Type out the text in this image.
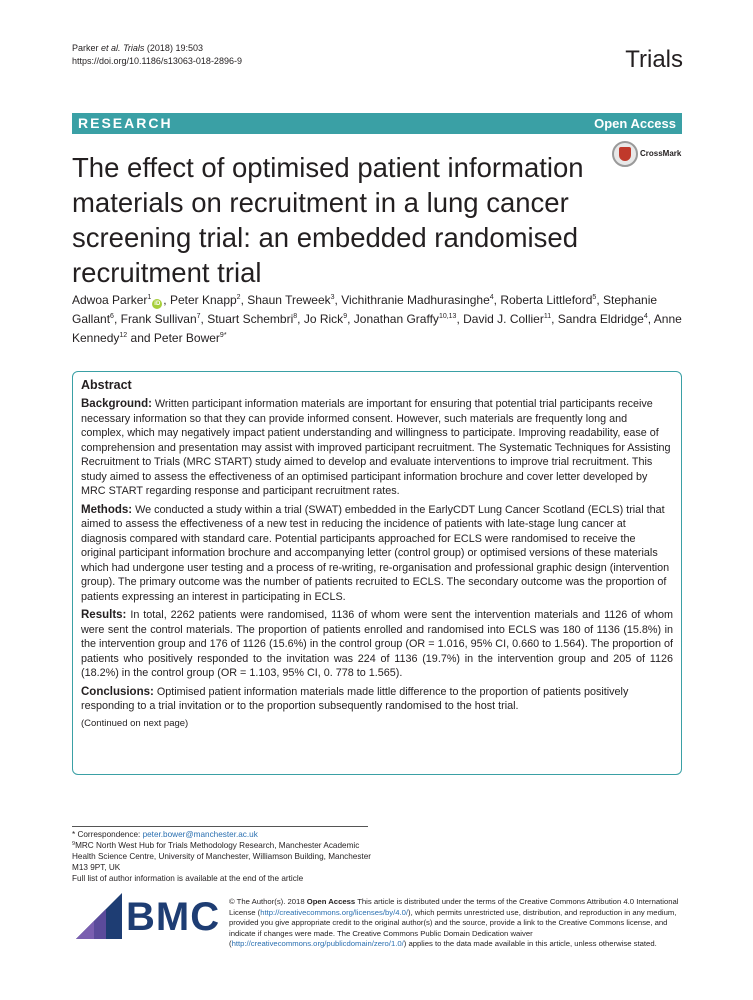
Parker et al. Trials (2018) 19:503
https://doi.org/10.1186/s13063-018-2896-9	Trials
RESEARCH	Open Access
The effect of optimised patient information materials on recruitment in a lung cancer screening trial: an embedded randomised recruitment trial
CrossMark
Adwoa Parker$^1$iD , Peter Knapp$^2$, Shaun Treweek$^3$, Vichithranie Madhurasinghe$^4$, Roberta Littleford$^5$, Stephanie Gallant$^6$, Frank Sullivan$^7$, Stuart Schembri$^8$, Jo Rick$^9$, Jonathan Graffy$^{10,13}$, David J. Collier$^{11}$, Sandra Eldridge$^4$, Anne Kennedy$^{12}$ and Peter Bower$^{9*}$
Abstract

Background: Written participant information materials are important for ensuring that potential trial participants receive necessary information so that they can provide informed consent. However, such materials are frequently long and complex, which may negatively impact patient understanding and willingness to participate. Improving readability, ease of comprehension and presentation may assist with improved participant recruitment. The Systematic Techniques for Assisting Recruitment to Trials (MRC START) study aimed to develop and evaluate interventions to improve trial recruitment. This study aimed to assess the effectiveness of an optimised participant information brochure and cover letter developed by MRC START regarding response and participant recruitment rates.

Methods: We conducted a study within a trial (SWAT) embedded in the EarlyCDT Lung Cancer Scotland (ECLS) trial that aimed to assess the effectiveness of a new test in reducing the incidence of patients with late-stage lung cancer at diagnosis compared with standard care. Potential participants approached for ECLS were randomised to receive the original participant information brochure and accompanying letter (control group) or optimised versions of these materials which had undergone user testing and a process of re-writing, re-organisation and professional graphic design (intervention group). The primary outcome was the number of patients recruited to ECLS. The secondary outcome was the proportion of patients expressing an interest in participating in ECLS.

Results: In total, 2262 patients were randomised, 1136 of whom were sent the intervention materials and 1126 of whom were sent the control materials. The proportion of patients enrolled and randomised into ECLS was 180 of 1136 (15.8%) in the intervention group and 176 of 1126 (15.6%) in the control group (OR = 1.016, 95% CI, 0.660 to 1.564). The proportion of patients who positively responded to the invitation was 224 of 1136 (19.7%) in the intervention group and 205 of 1126 (18.2%) in the control group (OR = 1.103, 95% CI, 0. 778 to 1.565).

Conclusions: Optimised patient information materials made little difference to the proportion of patients positively responding to a trial invitation or to the proportion subsequently randomised to the host trial.

(Continued on next page)
* Correspondence: peter.bower@manchester.ac.uk
$^9$MRC North West Hub for Trials Methodology Research, Manchester Academic Health Science Centre, University of Manchester, Williamson Building, Manchester M13 9PT, UK
Full list of author information is available at the end of the article
BMC © The Author(s). 2018 Open Access This article is distributed under the terms of the Creative Commons Attribution 4.0 International License (http://creativecommons.org/licenses/by/4.0/), which permits unrestricted use, distribution, and reproduction in any medium, provided you give appropriate credit to the original author(s) and the source, provide a link to the Creative Commons license, and indicate if changes were made. The Creative Commons Public Domain Dedication waiver (http://creativecommons.org/publicdomain/zero/1.0/) applies to the data made available in this article, unless otherwise stated.
